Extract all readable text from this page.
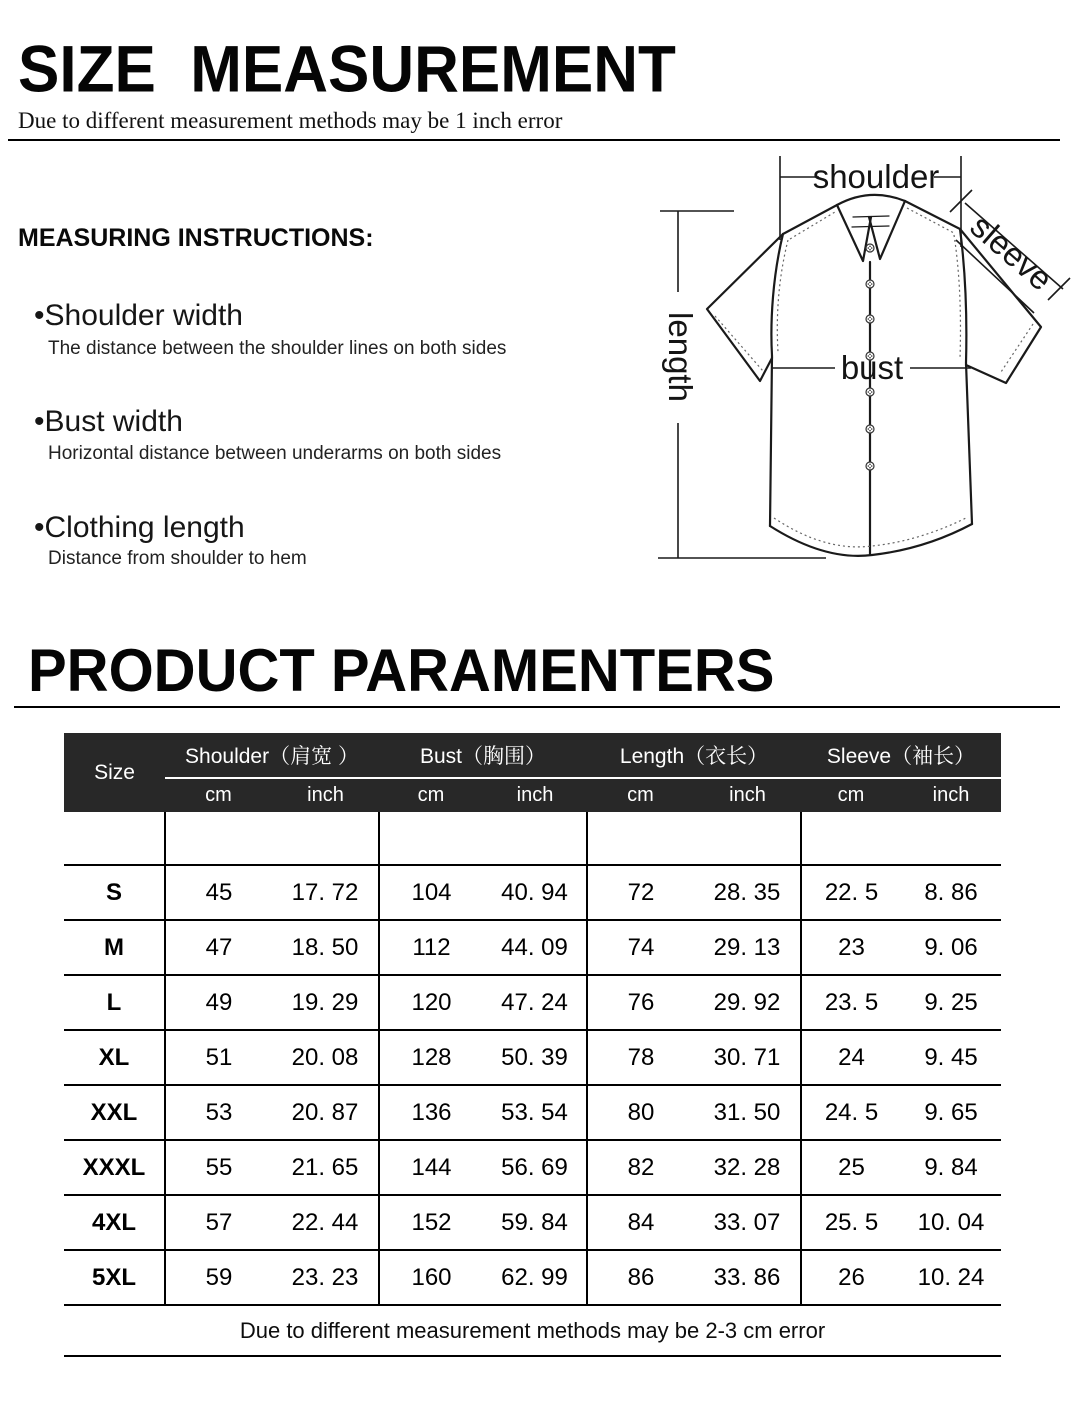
SIZE  MEASUREMENT
Due to different measurement methods may be 1 inch error
MEASURING INSTRUCTIONS:
•Shoulder width
The distance between the shoulder lines on both sides
•Bust width
Horizontal distance between underarms on both sides
•Clothing length
Distance from shoulder to hem
shoulder
length
sleeve
bust
PRODUCT PARAMENTERS
Size	Shoulder（肩宽 ）		Bust（胸围）		Length（衣长）		Sleeve（袖长）	
	cm	inch	cm	inch	cm	inch	cm	inch

S	45	17. 72	104	40. 94	72	28. 35	22. 5	8. 86
M	47	18. 50	112	44. 09	74	29. 13	23	9. 06
L	49	19. 29	120	47. 24	76	29. 92	23. 5	9. 25
XL	51	20. 08	128	50. 39	78	30. 71	24	9. 45
XXL	53	20. 87	136	53. 54	80	31. 50	24. 5	9. 65
XXXL	55	21. 65	144	56. 69	82	32. 28	25	9. 84
4XL	57	22. 44	152	59. 84	84	33. 07	25. 5	10. 04
5XL	59	23. 23	160	62. 99	86	33. 86	26	10. 24
Due to different measurement methods may be 2-3 cm error								
